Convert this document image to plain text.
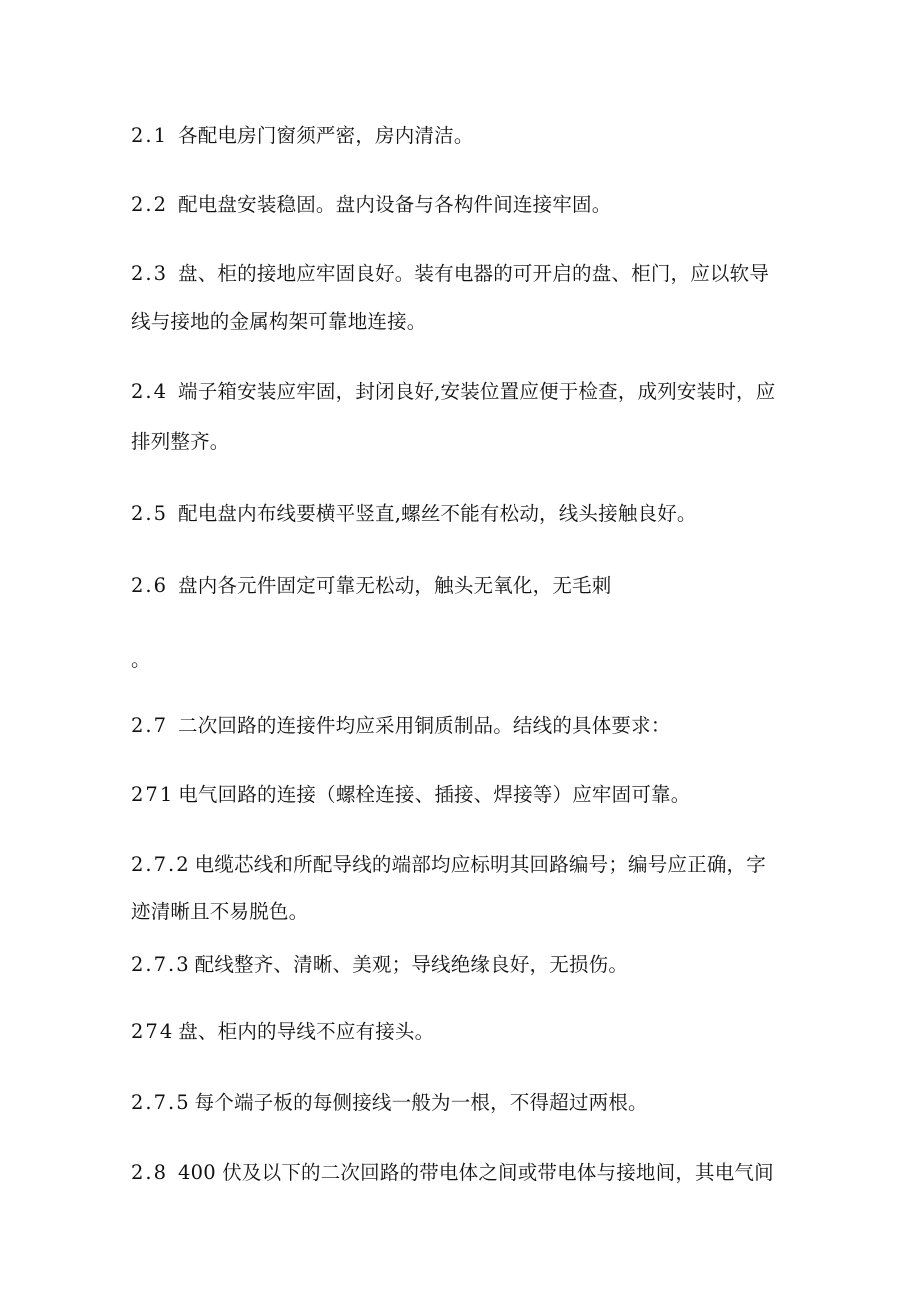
2.1 各配电房门窗须严密，房内清洁。
2.2 配电盘安装稳固。盘内设备与各构件间连接牢固。
2.3 盘、柜的接地应牢固良好。装有电器的可开启的盘、柜门，应以软导
线与接地的金属构架可靠地连接。
2.4 端子箱安装应牢固，封闭良好,安装位置应便于检查，成列安装时，应
排列整齐。
2.5 配电盘内布线要横平竖直,螺丝不能有松动，线头接触良好。
2.6 盘内各元件固定可靠无松动，触头无氧化，无毛刺
。
2.7 二次回路的连接件均应采用铜质制品。结线的具体要求：
271 电气回路的连接（螺栓连接、插接、焊接等）应牢固可靠。
2.7.2 电缆芯线和所配导线的端部均应标明其回路编号；编号应正确，字
迹清晰且不易脱色。
2.7.3 配线整齐、清晰、美观；导线绝缘良好，无损伤。
274 盘、柜内的导线不应有接头。
2.7.5 每个端子板的每侧接线一般为一根，不得超过两根。
2.8 400 伏及以下的二次回路的带电体之间或带电体与接地间，其电气间
